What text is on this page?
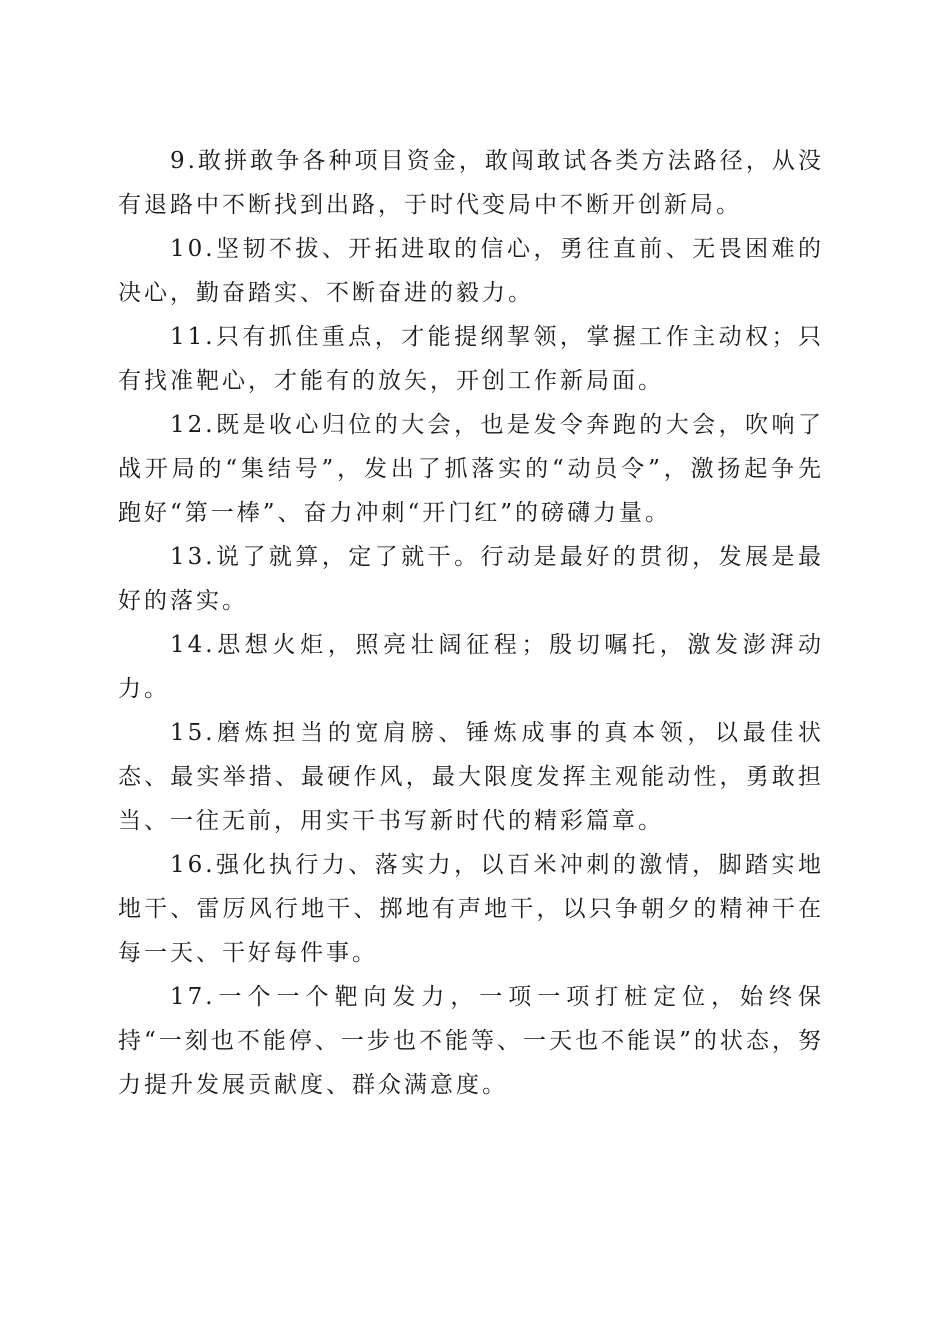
9.敢拼敢争各种项目资金，敢闯敢试各类方法路径，从没有退路中不断找到出路，于时代变局中不断开创新局。

10.坚韧不拔、开拓进取的信心，勇往直前、无畏困难的决心，勤奋踏实、不断奋进的毅力。

11.只有抓住重点，才能提纲挈领，掌握工作主动权；只有找准靶心，才能有的放矢，开创工作新局面。

12.既是收心归位的大会，也是发令奔跑的大会，吹响了战开局的“集结号”，发出了抓落实的“动员令”，激扬起争先跑好“第一棒”、奋力冲刺“开门红”的磅礴力量。

13.说了就算，定了就干。行动是最好的贯彻，发展是最好的落实。

14.思想火炬，照亮壮阔征程；殷切嘱托，激发澎湃动力。

15.磨炼担当的宽肩膀、锤炼成事的真本领，以最佳状态、最实举措、最硬作风，最大限度发挥主观能动性，勇敢担当、一往无前，用实干书写新时代的精彩篇章。

16.强化执行力、落实力，以百米冲刺的激情，脚踏实地地干、雷厉风行地干、掷地有声地干，以只争朝夕的精神干在每一天、干好每件事。

17.一个一个靶向发力，一项一项打桩定位，始终保持“一刻也不能停、一步也不能等、一天也不能误”的状态，努力提升发展贡献度、群众满意度。
